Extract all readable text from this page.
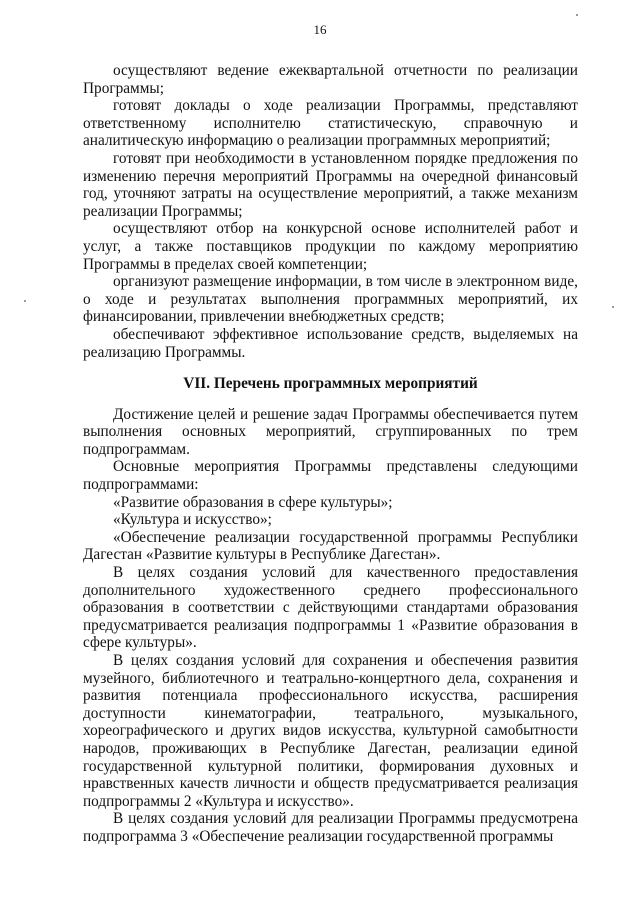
16

осуществляют ведение ежеквартальной отчетности по реализации Программы;

готовят доклады о ходе реализации Программы, представляют ответственному исполнителю статистическую, справочную и аналитическую информацию о реализации программных мероприятий;

готовят при необходимости в установленном порядке предложения по изменению перечня мероприятий Программы на очередной финансовый год, уточняют затраты на осуществление мероприятий, а также механизм реализации Программы;

осуществляют отбор на конкурсной основе исполнителей работ и услуг, а также поставщиков продукции по каждому мероприятию Программы в пределах своей компетенции;

организуют размещение информации, в том числе в электронном виде, о ходе и результатах выполнения программных мероприятий, их финансировании, привлечении внебюджетных средств;

обеспечивают эффективное использование средств, выделяемых на реализацию Программы.

VII. Перечень программных мероприятий

Достижение целей и решение задач Программы обеспечивается путем выполнения основных мероприятий, сгруппированных по трем подпрограммам.

Основные мероприятия Программы представлены следующими подпрограммами:

«Развитие образования в сфере культуры»;

«Культура и искусство»;

«Обеспечение реализации государственной программы Республики Дагестан «Развитие культуры в Республике Дагестан».

В целях создания условий для качественного предоставления дополнительного художественного среднего профессионального образования в соответствии с действующими стандартами образования предусматривается реализация подпрограммы 1 «Развитие образования в сфере культуры».

В целях создания условий для сохранения и обеспечения развития музейного, библиотечного и театрально-концертного дела, сохранения и развития потенциала профессионального искусства, расширения доступности кинематографии, театрального, музыкального, хореографического и других видов искусства, культурной самобытности народов, проживающих в Республике Дагестан, реализации единой государственной культурной политики, формирования духовных и нравственных качеств личности и обществ предусматривается реализация подпрограммы 2 «Культура и искусство».

В целях создания условий для реализации Программы предусмотрена подпрограмма 3 «Обеспечение реализации государственной программы
